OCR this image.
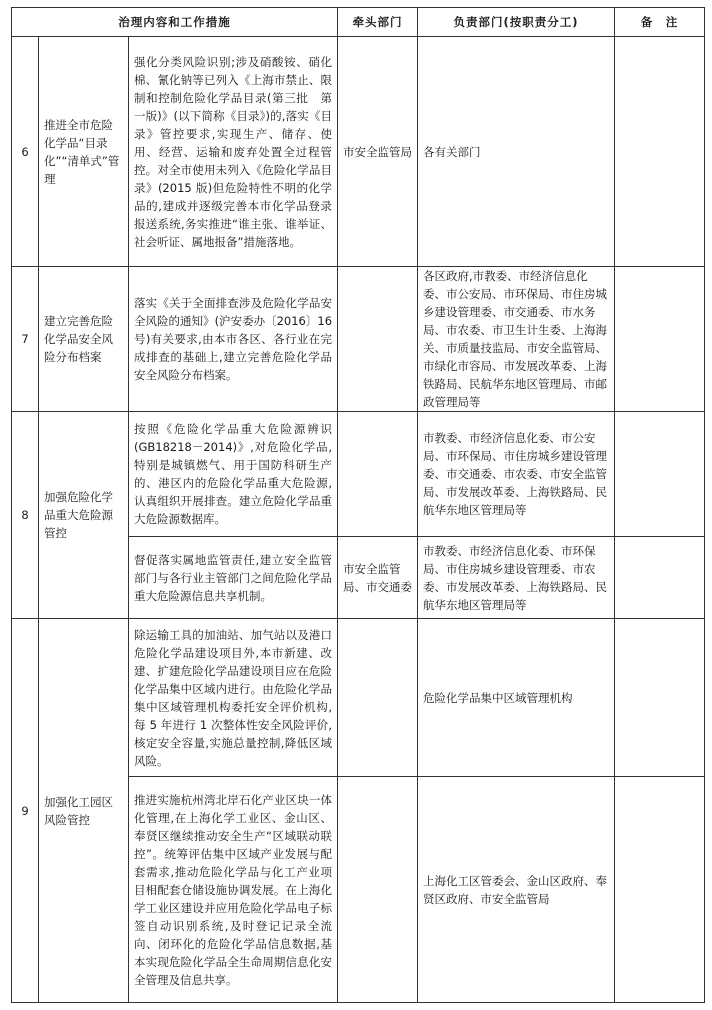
治理内容和工作措施			牵头部门	负责部门(按职责分工)	备　注
6	推进全市危险化学品“目录化”“清单式”管理	强化分类风险识别;涉及硝酸铵、硝化棉、氰化钠等已列入《上海市禁止、限制和控制危险化学品目录(第三批　第一版)》(以下简称《目录》)的,落实《目录》管控要求,实现生产、储存、使用、经营、运输和废弃处置全过程管控。对全市使用未列入《危险化学品目录》(2015 版)但危险特性不明的化学品的,建成并逐级完善本市化学品登录报送系统,务实推进“谁主张、谁举证、社会听证、属地报备”措施落地。	市安全监管局	各有关部门	
7	建立完善危险化学品安全风险分布档案	落实《关于全面排查涉及危险化学品安全风险的通知》(沪安委办〔2016〕16 号)有关要求,由本市各区、各行业在完成排查的基础上,建立完善危险化学品安全风险分布档案。		各区政府,市教委、市经济信息化委、市公安局、市环保局、市住房城乡建设管理委、市交通委、市水务局、市农委、市卫生计生委、上海海关、市质量技监局、市安全监管局、市绿化市容局、市发展改革委、上海铁路局、民航华东地区管理局、市邮政管理局等	
8	加强危险化学品重大危险源管控	按照《危险化学品重大危险源辨识(GB18218－2014)》,对危险化学品,特别是城镇燃气、用于国防科研生产的、港区内的危险化学品重大危险源,认真组织开展排查。建立危险化学品重大危险源数据库。		市教委、市经济信息化委、市公安局、市环保局、市住房城乡建设管理委、市交通委、市农委、市安全监管局、市发展改革委、上海铁路局、民航华东地区管理局等	
		督促落实属地监管责任,建立安全监管部门与各行业主管部门之间危险化学品重大危险源信息共享机制。	市安全监管局、市交通委	市教委、市经济信息化委、市环保局、市住房城乡建设管理委、市农委、市发展改革委、上海铁路局、民航华东地区管理局等	
9	加强化工园区风险管控	除运输工具的加油站、加气站以及港口危险化学品建设项目外,本市新建、改建、扩建危险化学品建设项目应在危险化学品集中区域内进行。由危险化学品集中区域管理机构委托安全评价机构,每 5 年进行 1 次整体性安全风险评价,核定安全容量,实施总量控制,降低区域风险。		危险化学品集中区域管理机构	
		推进实施杭州湾北岸石化产业区块一体化管理,在上海化学工业区、金山区、奉贤区继续推动安全生产“区域联动联控”。统筹评估集中区域产业发展与配套需求,推动危险化学品与化工产业项目相配套仓储设施协调发展。在上海化学工业区建设并应用危险化学品电子标签自动识别系统,及时登记记录全流向、闭环化的危险化学品信息数据,基本实现危险化学品全生命周期信息化安全管理及信息共享。		上海化工区管委会、金山区政府、奉贤区政府、市安全监管局	
